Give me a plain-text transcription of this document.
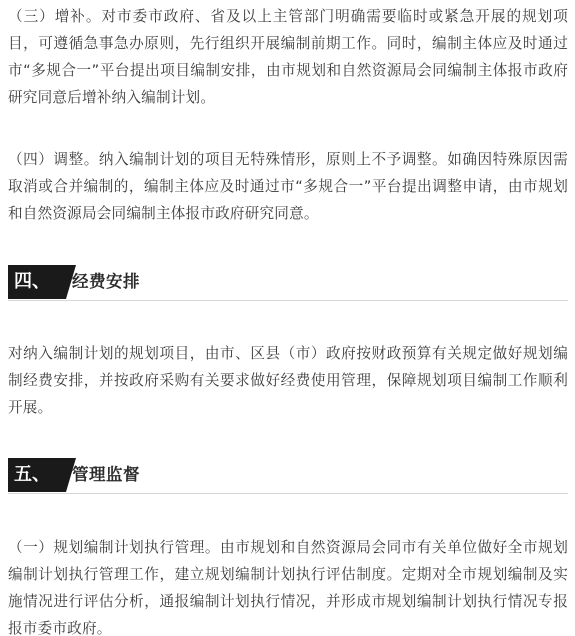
（三）增补。对市委市政府、省及以上主管部门明确需要临时或紧急开展的规划项目，可遵循急事急办原则，先行组织开展编制前期工作。同时，编制主体应及时通过市“多规合一”平台提出项目编制安排，由市规划和自然资源局会同编制主体报市政府研究同意后增补纳入编制计划。

（四）调整。纳入编制计划的项目无特殊情形，原则上不予调整。如确因特殊原因需取消或合并编制的，编制主体应及时通过市“多规合一”平台提出调整申请，由市规划和自然资源局会同编制主体报市政府研究同意。

四、	经费安排

对纳入编制计划的规划项目，由市、区县（市）政府按财政预算有关规定做好规划编制经费安排，并按政府采购有关要求做好经费使用管理，保障规划项目编制工作顺利开展。

五、	管理监督

（一）规划编制计划执行管理。由市规划和自然资源局会同市有关单位做好全市规划编制计划执行管理工作，建立规划编制计划执行评估制度。定期对全市规划编制及实施情况进行评估分析，通报编制计划执行情况，并形成市规划编制计划执行情况专报报市委市政府。
